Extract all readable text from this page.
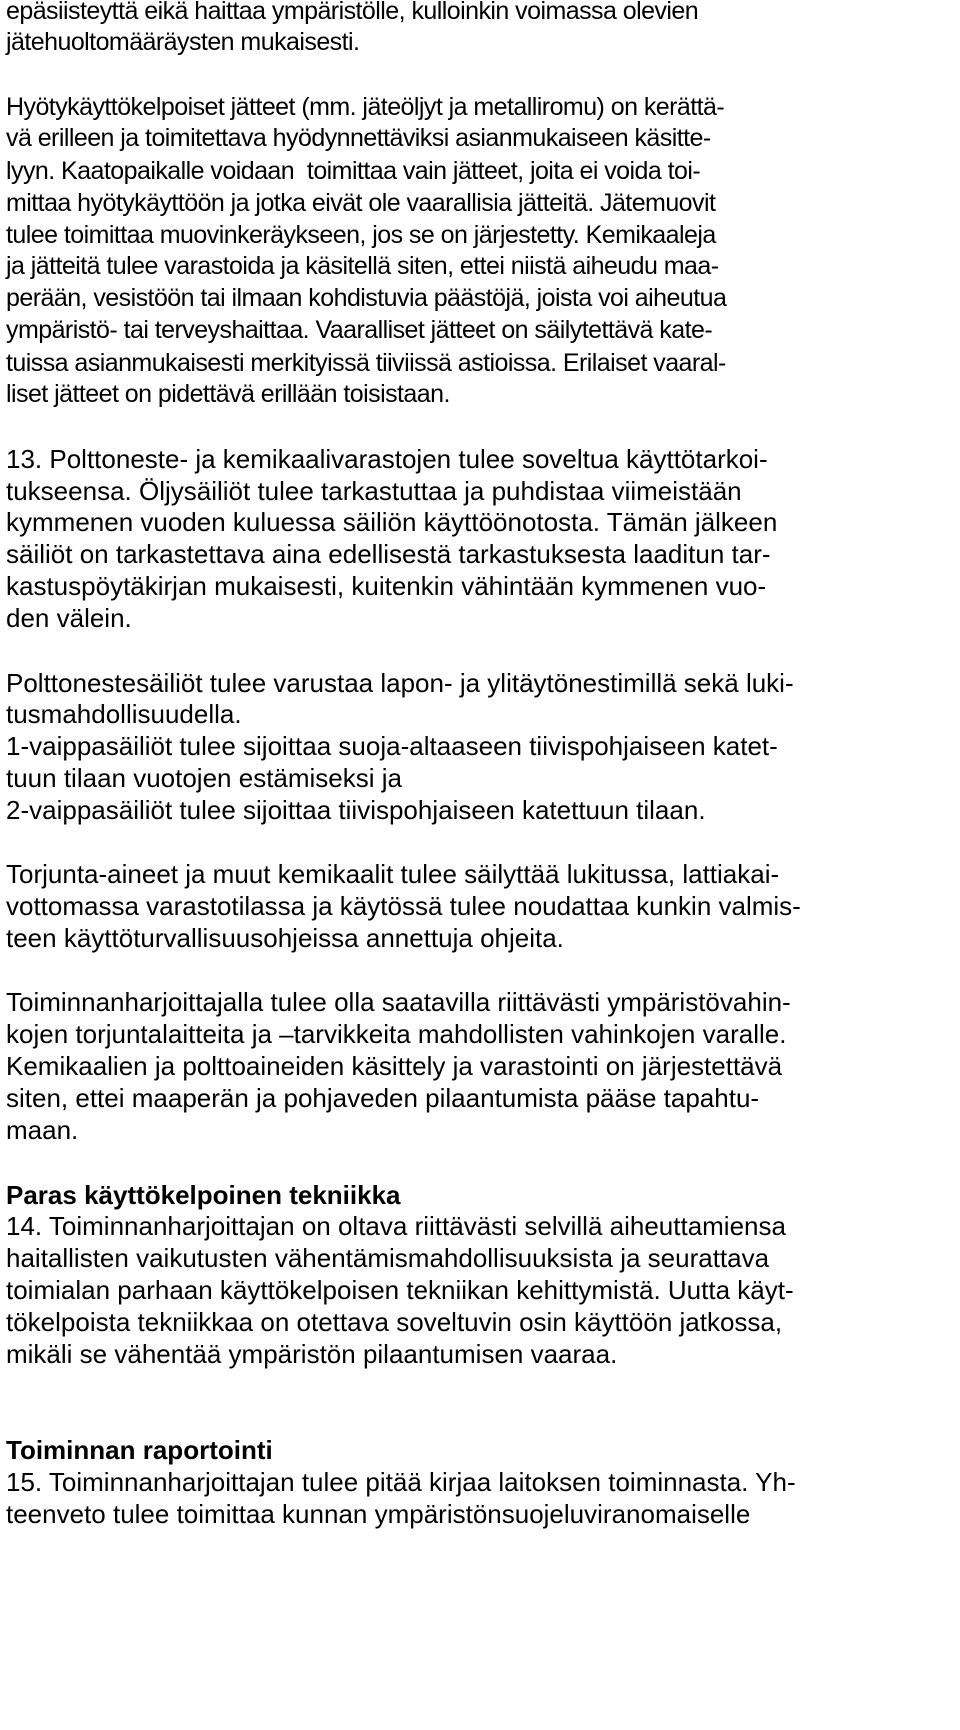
epäsiisteyttä eikä haittaa ympäristölle, kulloinkin voimassa olevien
jätehuoltomääräysten mukaisesti.
Hyötykäyttökelpoiset jätteet (mm. jäteöljyt ja metalliromu) on kerättä-
vä erilleen ja toimitettava hyödynnettäviksi asianmukaiseen käsitte-
lyyn. Kaatopaikalle voidaan  toimittaa vain jätteet, joita ei voida toi-
mittaa hyötykäyttöön ja jotka eivät ole vaarallisia jätteitä. Jätemuovit
tulee toimittaa muovinkeräykseen, jos se on järjestetty. Kemikaaleja
ja jätteitä tulee varastoida ja käsitellä siten, ettei niistä aiheudu maa-
perään, vesistöön tai ilmaan kohdistuvia päästöjä, joista voi aiheutua
ympäristö- tai terveyshaittaa. Vaaralliset jätteet on säilytettävä kate-
tuissa asianmukaisesti merkityissä tiiviissä astioissa. Erilaiset vaaral-
liset jätteet on pidettävä erillään toisistaan.
13. Polttoneste- ja kemikaalivarastojen tulee soveltua käyttötarkoi-
tukseensa. Öljysäiliöt tulee tarkastuttaa ja puhdistaa viimeistään
kymmenen vuoden kuluessa säiliön käyttöönotosta. Tämän jälkeen
säiliöt on tarkastettava aina edellisestä tarkastuksesta laaditun tar-
kastuspöytäkirjan mukaisesti, kuitenkin vähintään kymmenen vuo-
den välein.
Polttonestesäiliöt tulee varustaa lapon- ja ylitäytönestimillä sekä luki-
tusmahdollisuudella.
1-vaippasäiliöt tulee sijoittaa suoja-altaaseen tiivispohjaiseen katet-
tuun tilaan vuotojen estämiseksi ja
2-vaippasäiliöt tulee sijoittaa tiivispohjaiseen katettuun tilaan.
Torjunta-aineet ja muut kemikaalit tulee säilyttää lukitussa, lattiakai-
vottomassa varastotilassa ja käytössä tulee noudattaa kunkin valmis-
teen käyttöturvallisuusohjeissa annettuja ohjeita.
Toiminnanharjoittajalla tulee olla saatavilla riittävästi ympäristövahin-
kojen torjuntalaitteita ja –tarvikkeita mahdollisten vahinkojen varalle.
Kemikaalien ja polttoaineiden käsittely ja varastointi on järjestettävä
siten, ettei maaperän ja pohjaveden pilaantumista pääse tapahtu-
maan.
Paras käyttökelpoinen tekniikka
14. Toiminnanharjoittajan on oltava riittävästi selvillä aiheuttamiensa
haitallisten vaikutusten vähentämismahdollisuuksista ja seurattava
toimialan parhaan käyttökelpoisen tekniikan kehittymistä. Uutta käyt-
tökelpoista tekniikkaa on otettava soveltuvin osin käyttöön jatkossa,
mikäli se vähentää ympäristön pilaantumisen vaaraa.
Toiminnan raportointi
15. Toiminnanharjoittajan tulee pitää kirjaa laitoksen toiminnasta. Yh-
teenveto tulee toimittaa kunnan ympäristönsuojeluviranomaiselle
